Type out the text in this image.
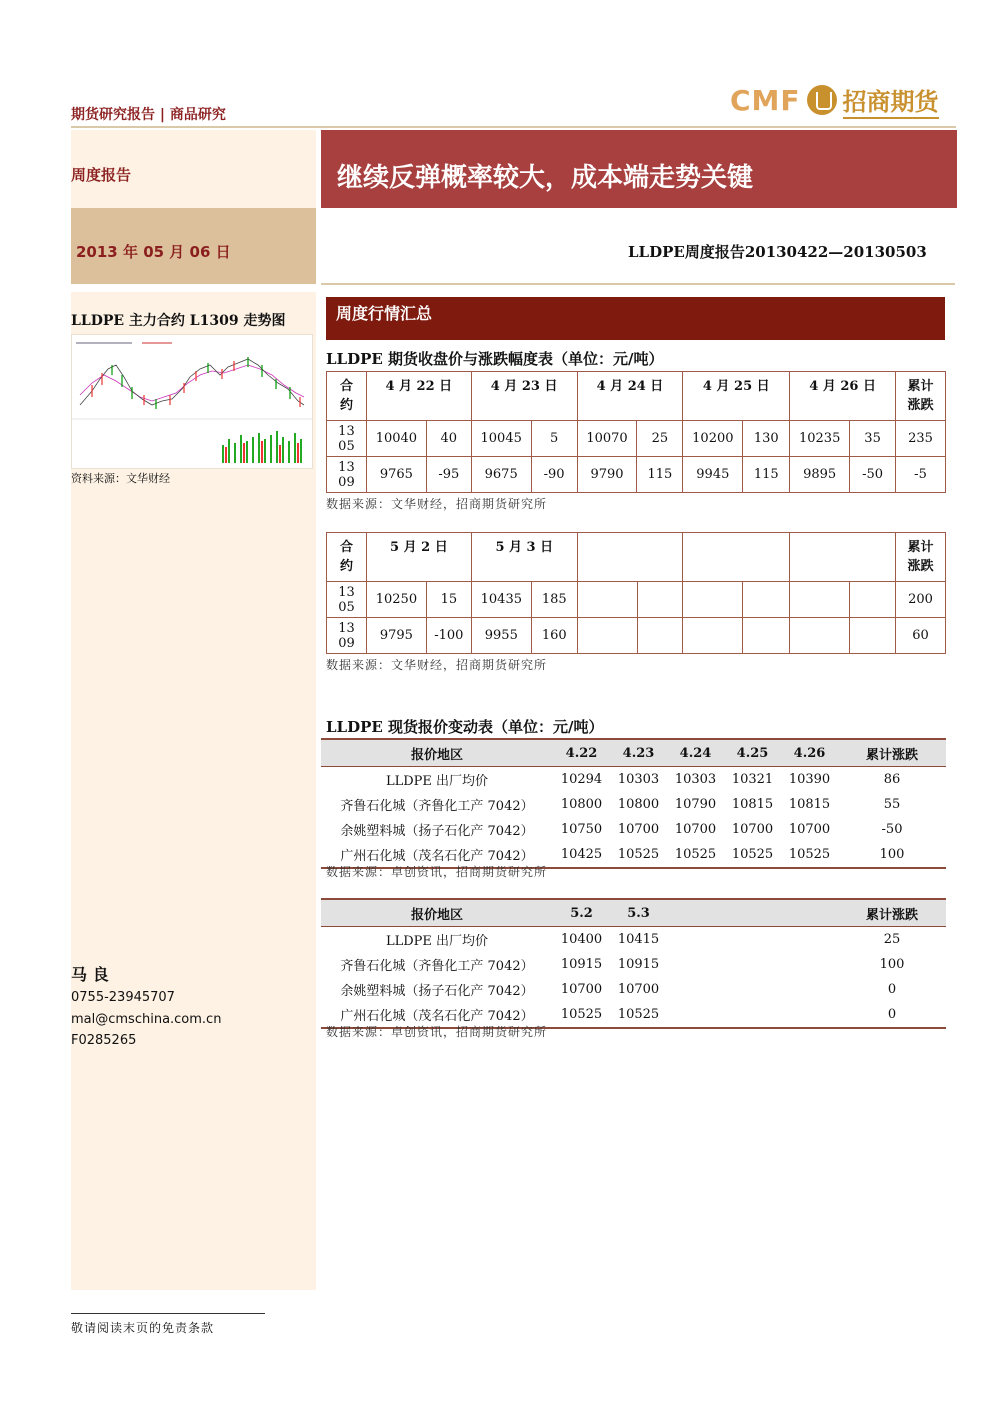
期货研究报告 | 商品研究	CMF 招商期货
周度报告
2013 年 05 月 06 日
继续反弹概率较大，成本端走势关键
LLDPE周度报告20130422—20130503
LLDPE 主力合约 L1309 走势图
资料来源：文华财经
周度行情汇总
LLDPE 期货收盘价与涨跌幅度表（单位：元/吨）
合
约	4 月 22 日		4 月 23 日		4 月 24 日		4 月 25 日		4 月 26 日		累计
涨跌
13
05	10040	40	10045	5	10070	25	10200	130	10235	35	235
13
09	9765	-95	9675	-90	9790	115	9945	115	9895	-50	-5
数据来源：文华财经，招商期货研究所
合
约	5 月 2 日		5 月 3 日								累计
涨跌
13
05	10250	15	10435	185							200
13
09	9795	-100	9955	160							60
数据来源：文华财经，招商期货研究所
LLDPE 现货报价变动表（单位：元/吨）
报价地区	4.22	4.23	4.24	4.25	4.26	累计涨跌
LLDPE 出厂均价	10294	10303	10303	10321	10390	86
齐鲁石化城（齐鲁化工产 7042）	10800	10800	10790	10815	10815	55
余姚塑料城（扬子石化产 7042）	10750	10700	10700	10700	10700	-50
广州石化城（茂名石化产 7042）	10425	10525	10525	10525	10525	100
数据来源：卓创资讯，招商期货研究所
报价地区	5.2	5.3				累计涨跌
LLDPE 出厂均价	10400	10415				25
齐鲁石化城（齐鲁化工产 7042）	10915	10915				100
余姚塑料城（扬子石化产 7042）	10700	10700				0
广州石化城（茂名石化产 7042）	10525	10525				0
数据来源：卓创资讯，招商期货研究所
马 良
0755-23945707
mal@cmschina.com.cn
F0285265
敬请阅读末页的免责条款
